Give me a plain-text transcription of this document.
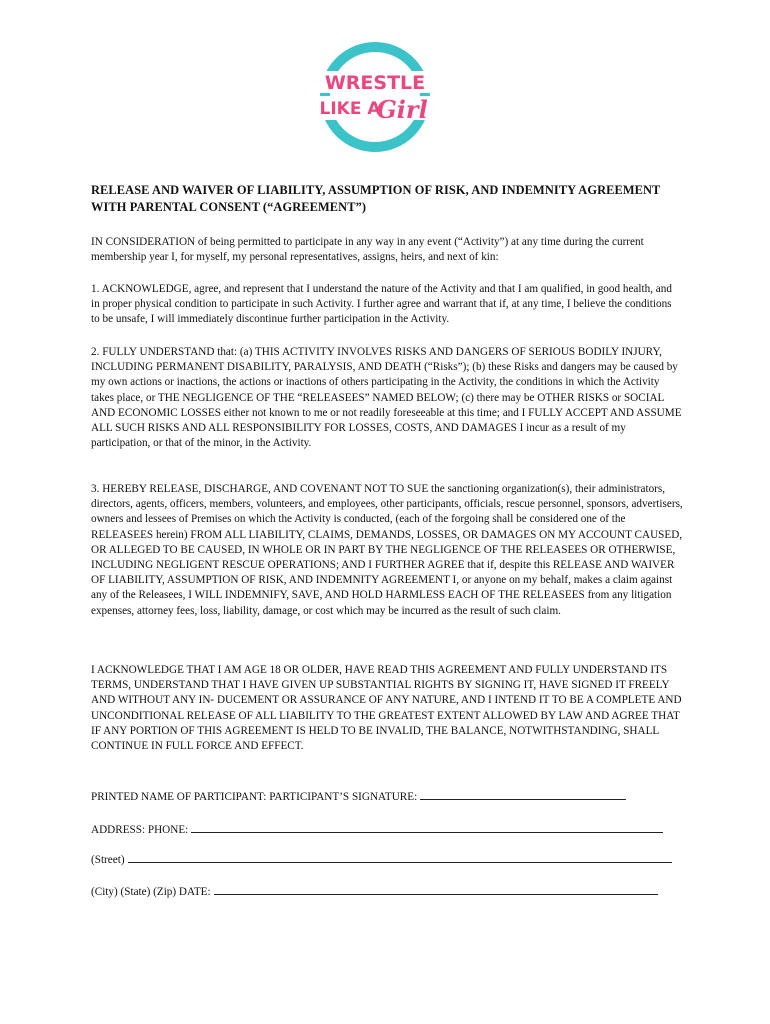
WRESTLE
LIKE A
Girl
RELEASE AND WAIVER OF LIABILITY, ASSUMPTION OF RISK, AND INDEMNITY AGREEMENT WITH PARENTAL CONSENT (“AGREEMENT”)

IN CONSIDERATION of being permitted to participate in any way in any event (“Activity”) at any time during the current membership year I, for myself, my personal representatives, assigns, heirs, and next of kin:

1. ACKNOWLEDGE, agree, and represent that I understand the nature of the Activity and that I am qualified, in good health, and in proper physical condition to participate in such Activity. I further agree and warrant that if, at any time, I believe the conditions to be unsafe, I will immediately discontinue further participation in the Activity.

2. FULLY UNDERSTAND that: (a) THIS ACTIVITY INVOLVES RISKS AND DANGERS OF SERIOUS BODILY INJURY, INCLUDING PERMANENT DISABILITY, PARALYSIS, AND DEATH (“Risks”); (b) these Risks and dangers may be caused by my own actions or inactions, the actions or inactions of others participating in the Activity, the conditions in which the Activity takes place, or THE NEGLIGENCE OF THE “RELEASEES” NAMED BELOW; (c) there may be OTHER RISKS or SOCIAL AND ECONOMIC LOSSES either not known to me or not readily foreseeable at this time; and I FULLY ACCEPT AND ASSUME ALL SUCH RISKS AND ALL RESPONSIBILITY FOR LOSSES, COSTS, AND DAMAGES I incur as a result of my participation, or that of the minor, in the Activity.

3. HEREBY RELEASE, DISCHARGE, AND COVENANT NOT TO SUE the sanctioning organization(s), their administrators, directors, agents, officers, members, volunteers, and employees, other participants, officials, rescue personnel, sponsors, advertisers, owners and lessees of Premises on which the Activity is conducted, (each of the forgoing shall be considered one of the RELEASEES herein) FROM ALL LIABILITY, CLAIMS, DEMANDS, LOSSES, OR DAMAGES ON MY ACCOUNT CAUSED, OR ALLEGED TO BE CAUSED, IN WHOLE OR IN PART BY THE NEGLIGENCE OF THE RELEASEES OR OTHERWISE, INCLUDING NEGLIGENT RESCUE OPERATIONS; AND I FURTHER AGREE that if, despite this RELEASE AND WAIVER OF LIABILITY, ASSUMPTION OF RISK, AND INDEMNITY AGREEMENT I, or anyone on my behalf, makes a claim against any of the Releasees, I WILL INDEMNIFY, SAVE, AND HOLD HARMLESS EACH OF THE RELEASEES from any litigation expenses, attorney fees, loss, liability, damage, or cost which may be incurred as the result of such claim.

I ACKNOWLEDGE THAT I AM AGE 18 OR OLDER, HAVE READ THIS AGREEMENT AND FULLY UNDERSTAND ITS TERMS, UNDERSTAND THAT I HAVE GIVEN UP SUBSTANTIAL RIGHTS BY SIGNING IT, HAVE SIGNED IT FREELY AND WITHOUT ANY IN- DUCEMENT OR ASSURANCE OF ANY NATURE, AND I INTEND IT TO BE A COMPLETE AND UNCONDITIONAL RELEASE OF ALL LIABILITY TO THE GREATEST EXTENT ALLOWED BY LAW AND AGREE THAT IF ANY PORTION OF THIS AGREEMENT IS HELD TO BE INVALID, THE BALANCE, NOTWITHSTANDING, SHALL CONTINUE IN FULL FORCE AND EFFECT.

PRINTED NAME OF PARTICIPANT: PARTICIPANT’S SIGNATURE:
ADDRESS: PHONE:
(Street)
(City) (State) (Zip) DATE:
